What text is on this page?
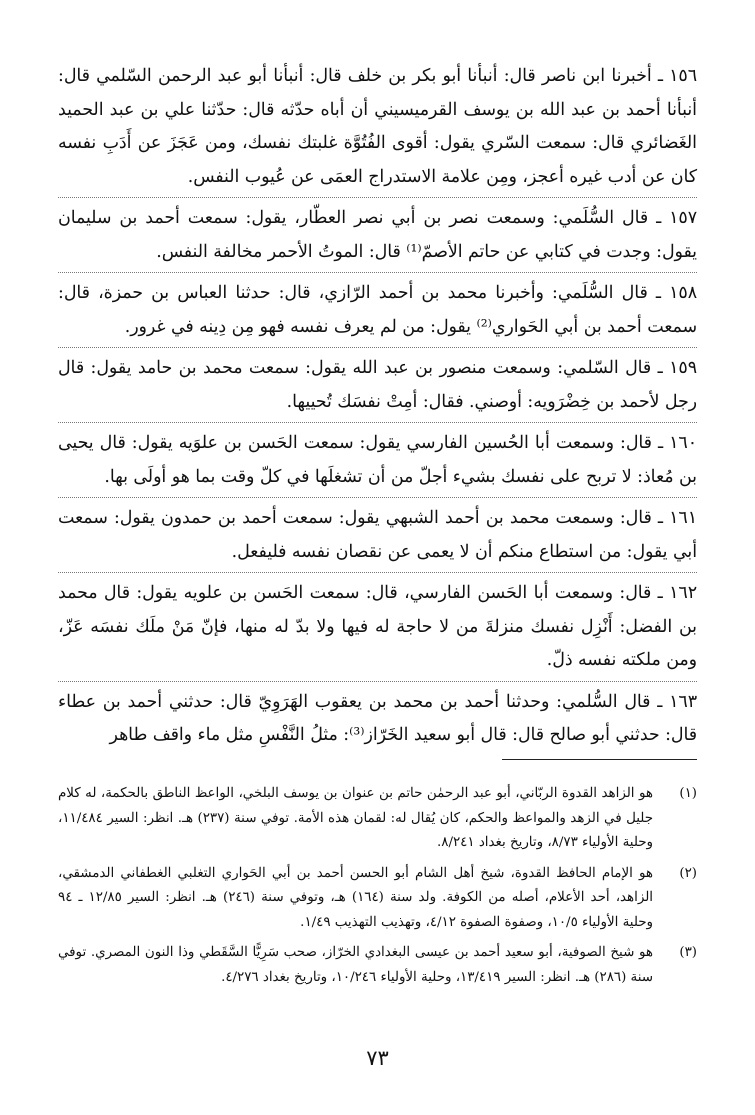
١٥٦ ـ أخبرنا ابن ناصر قال: أنبأنا أبو بكر بن خلف قال: أنبأنا أبو عبد الرحمن السّلمي قال: أنبأنا أحمد بن عبد الله بن يوسف القرميسيني أن أباه حدّثه قال: حدّثنا علي بن عبد الحميد الغَضائري قال: سمعت السّري يقول: أقوى الفُتُوَّة غلبتك نفسك، ومن عَجَزَ عن أَدَبِ نفسه كان عن أدب غيره أعجز، ومِن علامة الاستدراج العمَى عن عُيوب النفس.

١٥٧ ـ قال السُّلَمي: وسمعت نصر بن أبي نصر العطّار، يقول: سمعت أحمد بن سليمان يقول: وجدت في كتابي عن حاتم الأصمّ⁽¹⁾ قال: الموتُ الأحمر مخالفة النفس.

١٥٨ ـ قال السُّلَمي: وأخبرنا محمد بن أحمد الرّازي، قال: حدثنا العباس بن حمزة، قال: سمعت أحمد بن أبي الحَواري⁽²⁾ يقول: من لم يعرف نفسه فهو مِن دِينه في غرور.

١٥٩ ـ قال السّلمي: وسمعت منصور بن عبد الله يقول: سمعت محمد بن حامد يقول: قال رجل لأحمد بن خِضْرَويه: أوصني. فقال: أمِتْ نفسَك تُحييها.

١٦٠ ـ قال: وسمعت أبا الحُسين الفارسي يقول: سمعت الحَسن بن علوَيه يقول: قال يحيى بن مُعاذ: لا تربح على نفسك بشيء أجلّ من أن تشغلَها في كلّ وقت بما هو أولَى بها.

١٦١ ـ قال: وسمعت محمد بن أحمد الشبهي يقول: سمعت أحمد بن حمدون يقول: سمعت أبي يقول: من استطاع منكم أن لا يعمى عن نقصان نفسه فليفعل.

١٦٢ ـ قال: وسمعت أبا الحَسن الفارسي، قال: سمعت الحَسن بن علويه يقول: قال محمد بن الفضل: أَنْزِل نفسك منزلةَ من لا حاجة له فيها ولا بدّ له منها، فإنّ مَنْ ملَك نفسَه عَزّ، ومن ملكته نفسه ذلّ.

١٦٣ ـ قال السُّلمي: وحدثنا أحمد بن محمد بن يعقوب الهَرَوِيّ قال: حدثني أحمد بن عطاء قال: حدثني أبو صالح قال: قال أبو سعيد الخَرّاز⁽³⁾: مثلُ النَّفْسِ مثل ماء واقف طاهر

(١)
هو الزاهد القدوة الربّاني، أبو عبد الرحمٰن حاتم بن عنوان بن يوسف البلخي، الواعظ الناطق بالحكمة، له كلام جليل في الزهد والمواعظ والحكم، كان يُقال له: لقمان هذه الأمة. توفي سنة (٢٣٧) هـ. انظر: السير ١١/٤٨٤، وحلية الأولياء ٨/٧٣، وتاريخ بغداد ٨/٢٤١.
(٢)
هو الإمام الحافظ القدوة، شيخ أهل الشام أبو الحسن أحمد بن أبي الحَواري التغلبي الغطفاني الدمشقي، الزاهد، أحد الأعلام، أصله من الكوفة. ولد سنة (١٦٤) هـ، وتوفي سنة (٢٤٦) هـ. انظر: السير ١٢/٨٥ ـ ٩٤ وحلية الأولياء ١٠/٥، وصفوة الصفوة ٤/١٢، وتهذيب التهذيب ١/٤٩.
(٣)
هو شيخ الصوفية، أبو سعيد أحمد بن عيسى البغدادي الخرّاز، صحب سَرِيًّا السَّقَطي وذا النون المصري. توفي سنة (٢٨٦) هـ. انظر: السير ١٣/٤١٩، وحلية الأولياء ١٠/٢٤٦، وتاريخ بغداد ٤/٢٧٦.
٧٣
